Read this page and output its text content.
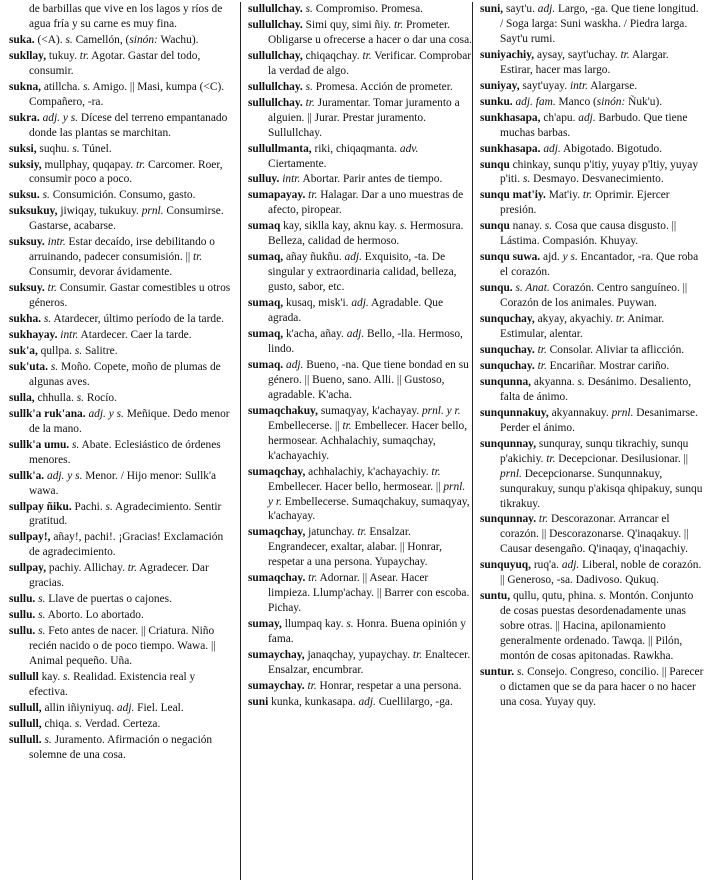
de barbillas que vive en los lagos y ríos de agua fría y su carne es muy fina.

suka. (<A). s. Camellón, (sinón: Wachu).

sukllay, tukuy. tr. Agotar. Gastar del todo, consumir.

sukna, atillcha. s. Amigo. || Masi, kumpa (<C). Compañero, -ra.

sukra. adj. y s. Dícese del terreno empantanado donde las plantas se marchitan.

suksi, suqhu. s. Túnel.

suksiy, mullphay, quqapay. tr. Carcomer. Roer, consumir poco a poco.

suksu. s. Consumición. Consumo, gasto.

suksukuy, jiwiqay, tukukuy. prnl. Consumirse. Gastarse, acabarse.

suksuy. intr. Estar decaído, irse debilitando o arruinando, padecer consumisión. || tr. Consumir, devorar ávidamente.

suksuy. tr. Consumir. Gastar comestibles u otros géneros.

sukha. s. Atardecer, último período de la tarde.

sukhayay. intr. Atardecer. Caer la tarde.

suk'a, qullpa. s. Salitre.

suk'uta. s. Moño. Copete, moño de plumas de algunas aves.

sulla, chhulla. s. Rocío.

sullk'a ruk'ana. adj. y s. Meñique. Dedo menor de la mano.

sullk'a umu. s. Abate. Eclesiástico de órdenes menores.

sullk'a. adj. y s. Menor. / Hijo menor: Sullk'a wawa.

sullpay ñiku. Pachi. s. Agradecimiento. Sentir gratitud.

sullpay!, añay!, pachi!. ¡Gracias! Exclamación de agradecimiento.

sullpay, pachiy. Allichay. tr. Agradecer. Dar gracias.

sullu. s. Llave de puertas o cajones.

sullu. s. Aborto. Lo abortado.

sullu. s. Feto antes de nacer. || Criatura. Niño recién nacido o de poco tiempo. Wawa. || Animal pequeño. Uña.

sullull kay. s. Realidad. Existencia real y efectiva.

sullull, allin iñiyniyuq. adj. Fiel. Leal.

sullull, chiqa. s. Verdad. Certeza.

sullull. s. Juramento. Afirmación o negación solemne de una cosa.

sullullchay. s. Compromiso. Promesa.

sullullchay. Simi quy, simi ñiy. tr. Prometer. Obligarse u ofrecerse a hacer o dar una cosa.

sullullchay, chiqaqchay. tr. Verificar. Comprobar la verdad de algo.

sullullchay. s. Promesa. Acción de prometer.

sullullchay. tr. Juramentar. Tomar juramento a alguien. || Jurar. Prestar juramento. Sullullchay.

sullullmanta, riki, chiqaqmanta. adv. Ciertamente.

sulluy. intr. Abortar. Parir antes de tiempo.

sumapayay. tr. Halagar. Dar a uno muestras de afecto, piropear.

sumaq kay, siklla kay, aknu kay. s. Hermosura. Belleza, calidad de hermoso.

sumaq, añay ñukñu. adj. Exquisito, -ta. De singular y extraordinaria calidad, belleza, gusto, sabor, etc.

sumaq, kusaq, misk'i. adj. Agradable. Que agrada.

sumaq, k'acha, añay. adj. Bello, -lla. Hermoso, lindo.

sumaq. adj. Bueno, -na. Que tiene bondad en su género. || Bueno, sano. Alli. || Gustoso, agradable. K'acha.

sumaqchakuy, sumaqyay, k'achayay. prnl. y r. Embellecerse. || tr. Embellecer. Hacer bello, hermosear. Achhalachiy, sumaqchay, k'achayachiy.

sumaqchay, achhalachiy, k'achayachiy. tr. Embellecer. Hacer bello, hermosear. || prnl. y r. Embellecerse. Sumaqchakuy, sumaqyay, k'achayay.

sumaqchay, jatunchay. tr. Ensalzar. Engrandecer, exaltar, alabar. || Honrar, respetar a una persona. Yupaychay.

sumaqchay. tr. Adornar. || Asear. Hacer limpieza. Llump'achay. || Barrer con escoba. Pichay.

sumay, llumpaq kay. s. Honra. Buena opinión y fama.

sumaychay, janaqchay, yupaychay. tr. Enaltecer. Ensalzar, encumbrar.

sumaychay. tr. Honrar, respetar a una persona.

suni kunka, kunkasapa. adj. Cuellilargo, -ga.

suni, sayt'u. adj. Largo, -ga. Que tiene longitud. / Soga larga: Suni waskha. / Piedra larga. Sayt'u rumi.

suniyachiy, aysay, sayt'uchay. tr. Alargar. Estirar, hacer mas largo.

suniyay, sayt'uyay. intr. Alargarse.

sunku. adj. fam. Manco (sinón: Ñuk'u).

sunkhasapa, ch'apu. adj. Barbudo. Que tiene muchas barbas.

sunkhasapa. adj. Abigotado. Bigotudo.

sunqu chinkay, sunqu p'itiy, yuyay p'ltiy, yuyay p'iti. s. Desmayo. Desvanecimiento.

sunqu mat'iy. Mat'iy. tr. Oprimir. Ejercer presión.

sunqu nanay. s. Cosa que causa disgusto. || Lástima. Compasión. Khuyay.

sunqu suwa. ajd. y s. Encantador, -ra. Que roba el corazón.

sunqu. s. Anat. Corazón. Centro sanguíneo. || Corazón de los animales. Puywan.

sunquchay, akyay, akyachiy. tr. Animar. Estimular, alentar.

sunquchay. tr. Consolar. Aliviar ta aflicción.

sunquchay. tr. Encariñar. Mostrar cariño.

sunqunna, akyanna. s. Desánimo. Desaliento, falta de ánimo.

sunqunnakuy, akyannakuy. prnl. Desanimarse. Perder el ánimo.

sunqunnay, sunquray, sunqu tikrachiy, sunqu p'akichiy. tr. Decepcionar. Desilusionar. || prnl. Decepcionarse. Sunqunnakuy, sunqurakuy, sunqu p'akisqa qhipakuy, sunqu tikrakuy.

sunqunnay. tr. Descorazonar. Arrancar el corazón. || Descorazonarse. Q'inaqakuy. || Causar desengaño. Q'inaqay, q'inaqachiy.

sunquyuq, ruq'a. adj. Liberal, noble de corazón. || Generoso, -sa. Dadivoso. Qukuq.

suntu, qullu, qutu, phina. s. Montón. Conjunto de cosas puestas desordenadamente unas sobre otras. || Hacina, apilonamiento generalmente ordenado. Tawqa. || Pilón, montón de cosas apitonadas. Rawkha.

suntur. s. Consejo. Congreso, concilio. || Parecer o dictamen que se da para hacer o no hacer una cosa. Yuyay quy.
